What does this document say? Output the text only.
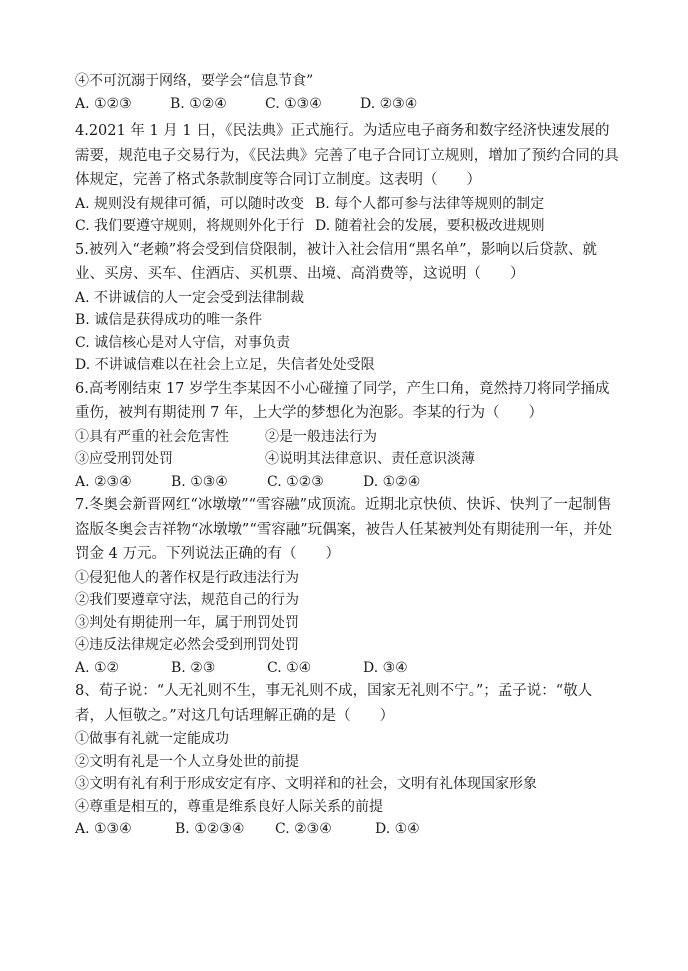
④不可沉溺于网络，要学会“信息节食”
A. ①②③	B. ①②④	C. ①③④	D. ②③④
4.2021 年 1 月 1 日，《民法典》正式施行。为适应电子商务和数字经济快速发展的需要，规范电子交易行为，《民法典》完善了电子合同订立规则，增加了预约合同的具体规定，完善了格式条款制度等合同订立制度。这表明（　　）
A. 规则没有规律可循，可以随时改变 B. 每个人都可参与法律等规则的制定
C. 我们要遵守规则，将规则外化于行 D. 随着社会的发展，要积极改进规则
5.被列入“老赖”将会受到信贷限制，被计入社会信用“黑名单”，影响以后贷款、就业、买房、买车、住酒店、买机票、出境、高消费等，这说明（　　）
A. 不讲诚信的人一定会受到法律制裁
B. 诚信是获得成功的唯一条件
C. 诚信核心是对人守信，对事负责
D. 不讲诚信难以在社会上立足，失信者处处受限
6.高考刚结束 17 岁学生李某因不小心碰撞了同学，产生口角，竟然持刀将同学捅成重伤，被判有期徒刑 7 年，上大学的梦想化为泡影。李某的行为（　　）
①具有严重的社会危害性	②是一般违法行为
③应受刑罚处罚	④说明其法律意识、责任意识淡薄
A. ②③④	B. ①③④	C. ①②③	D. ①②④
7.冬奥会新晋网红“冰墩墩”“雪容融”成顶流。近期北京快侦、快诉、快判了一起制售盗版冬奥会吉祥物“冰墩墩”“雪容融”玩偶案，被告人任某被判处有期徒刑一年，并处罚金 4 万元。下列说法正确的有（　　）
①侵犯他人的著作权是行政违法行为
②我们要遵章守法，规范自己的行为
③判处有期徒刑一年，属于刑罚处罚
④违反法律规定必然会受到刑罚处罚
A. ①②	B. ②③	C. ①④	D. ③④
8、荀子说：“人无礼则不生，事无礼则不成，国家无礼则不宁。”；孟子说：“敬人者，人恒敬之。”对这几句话理解正确的是（　　）
①做事有礼就一定能成功
②文明有礼是一个人立身处世的前提
③文明有礼有利于形成安定有序、文明祥和的社会，文明有礼体现国家形象
④尊重是相互的，尊重是维系良好人际关系的前提
A. ①③④	B. ①②③④	C. ②③④	D. ①④
